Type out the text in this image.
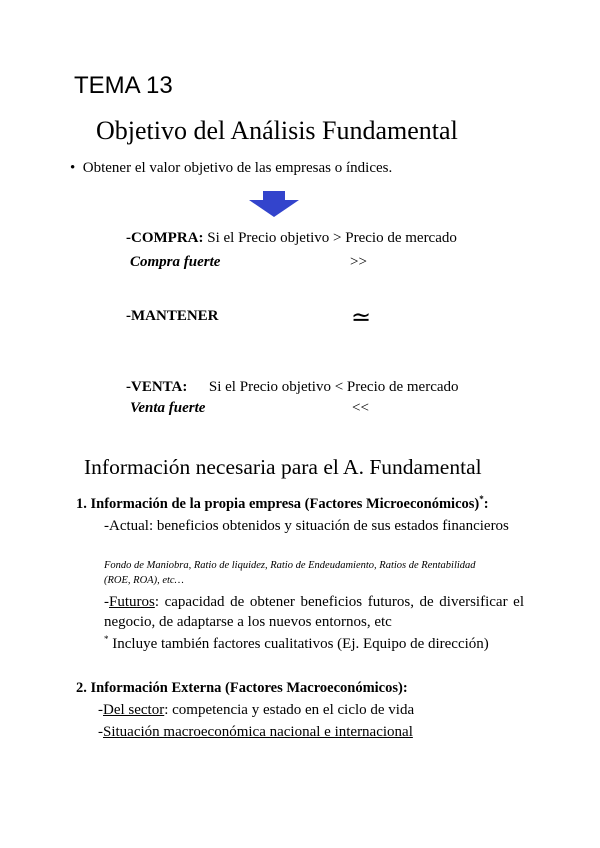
TEMA 13
Objetivo del Análisis Fundamental
• Obtener el valor objetivo de las empresas o índices.
-COMPRA: Si el Precio objetivo > Precio de mercado
Compra fuerte	>>
-MANTENER	≃
-VENTA: Si el Precio objetivo < Precio de mercado
Venta fuerte	<<
Información necesaria para el A. Fundamental
1. Información de la propia empresa (Factores Microeconómicos)*:
-Actual: beneficios obtenidos y situación de sus estados financieros
Fondo de Maniobra, Ratio de liquidez, Ratio de Endeudamiento, Ratios de Rentabilidad (ROE, ROA), etc…
-Futuros: capacidad de obtener beneficios futuros, de diversificar el negocio, de adaptarse a los nuevos entornos, etc
* Incluye también factores cualitativos (Ej. Equipo de dirección)
2. Información Externa (Factores Macroeconómicos):
-Del sector: competencia y estado en el ciclo de vida
-Situación macroeconómica nacional e internacional
